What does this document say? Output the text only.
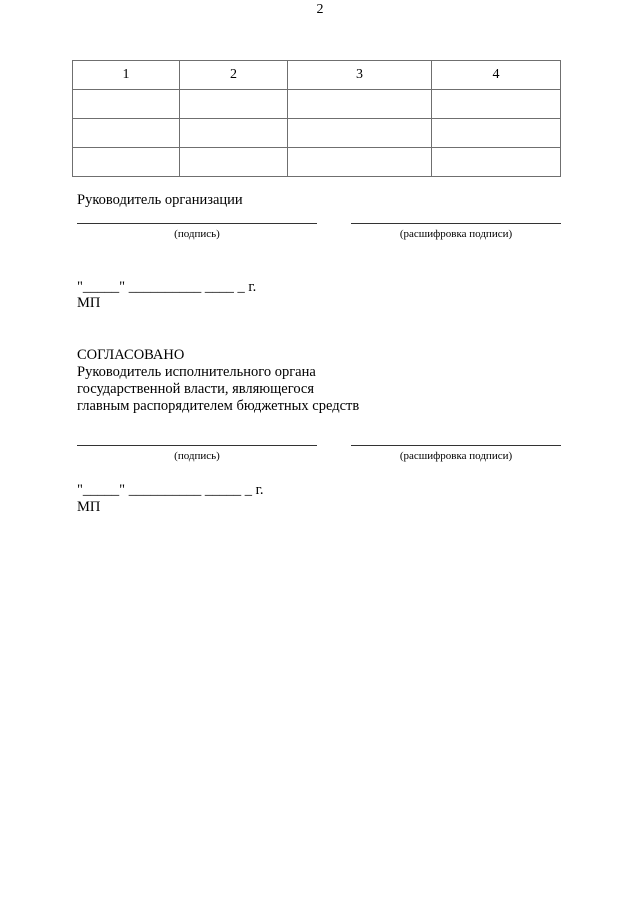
2
1	2	3	4

Руководитель организации
(подпись)	(расшифровка подписи)
"_____" __________ ____ _ г.
МП
СОГЛАСОВАНО
Руководитель исполнительного органа
государственной власти, являющегося
главным распорядителем бюджетных средств
(подпись)	(расшифровка подписи)
"_____" __________ _____ _ г.
МП
